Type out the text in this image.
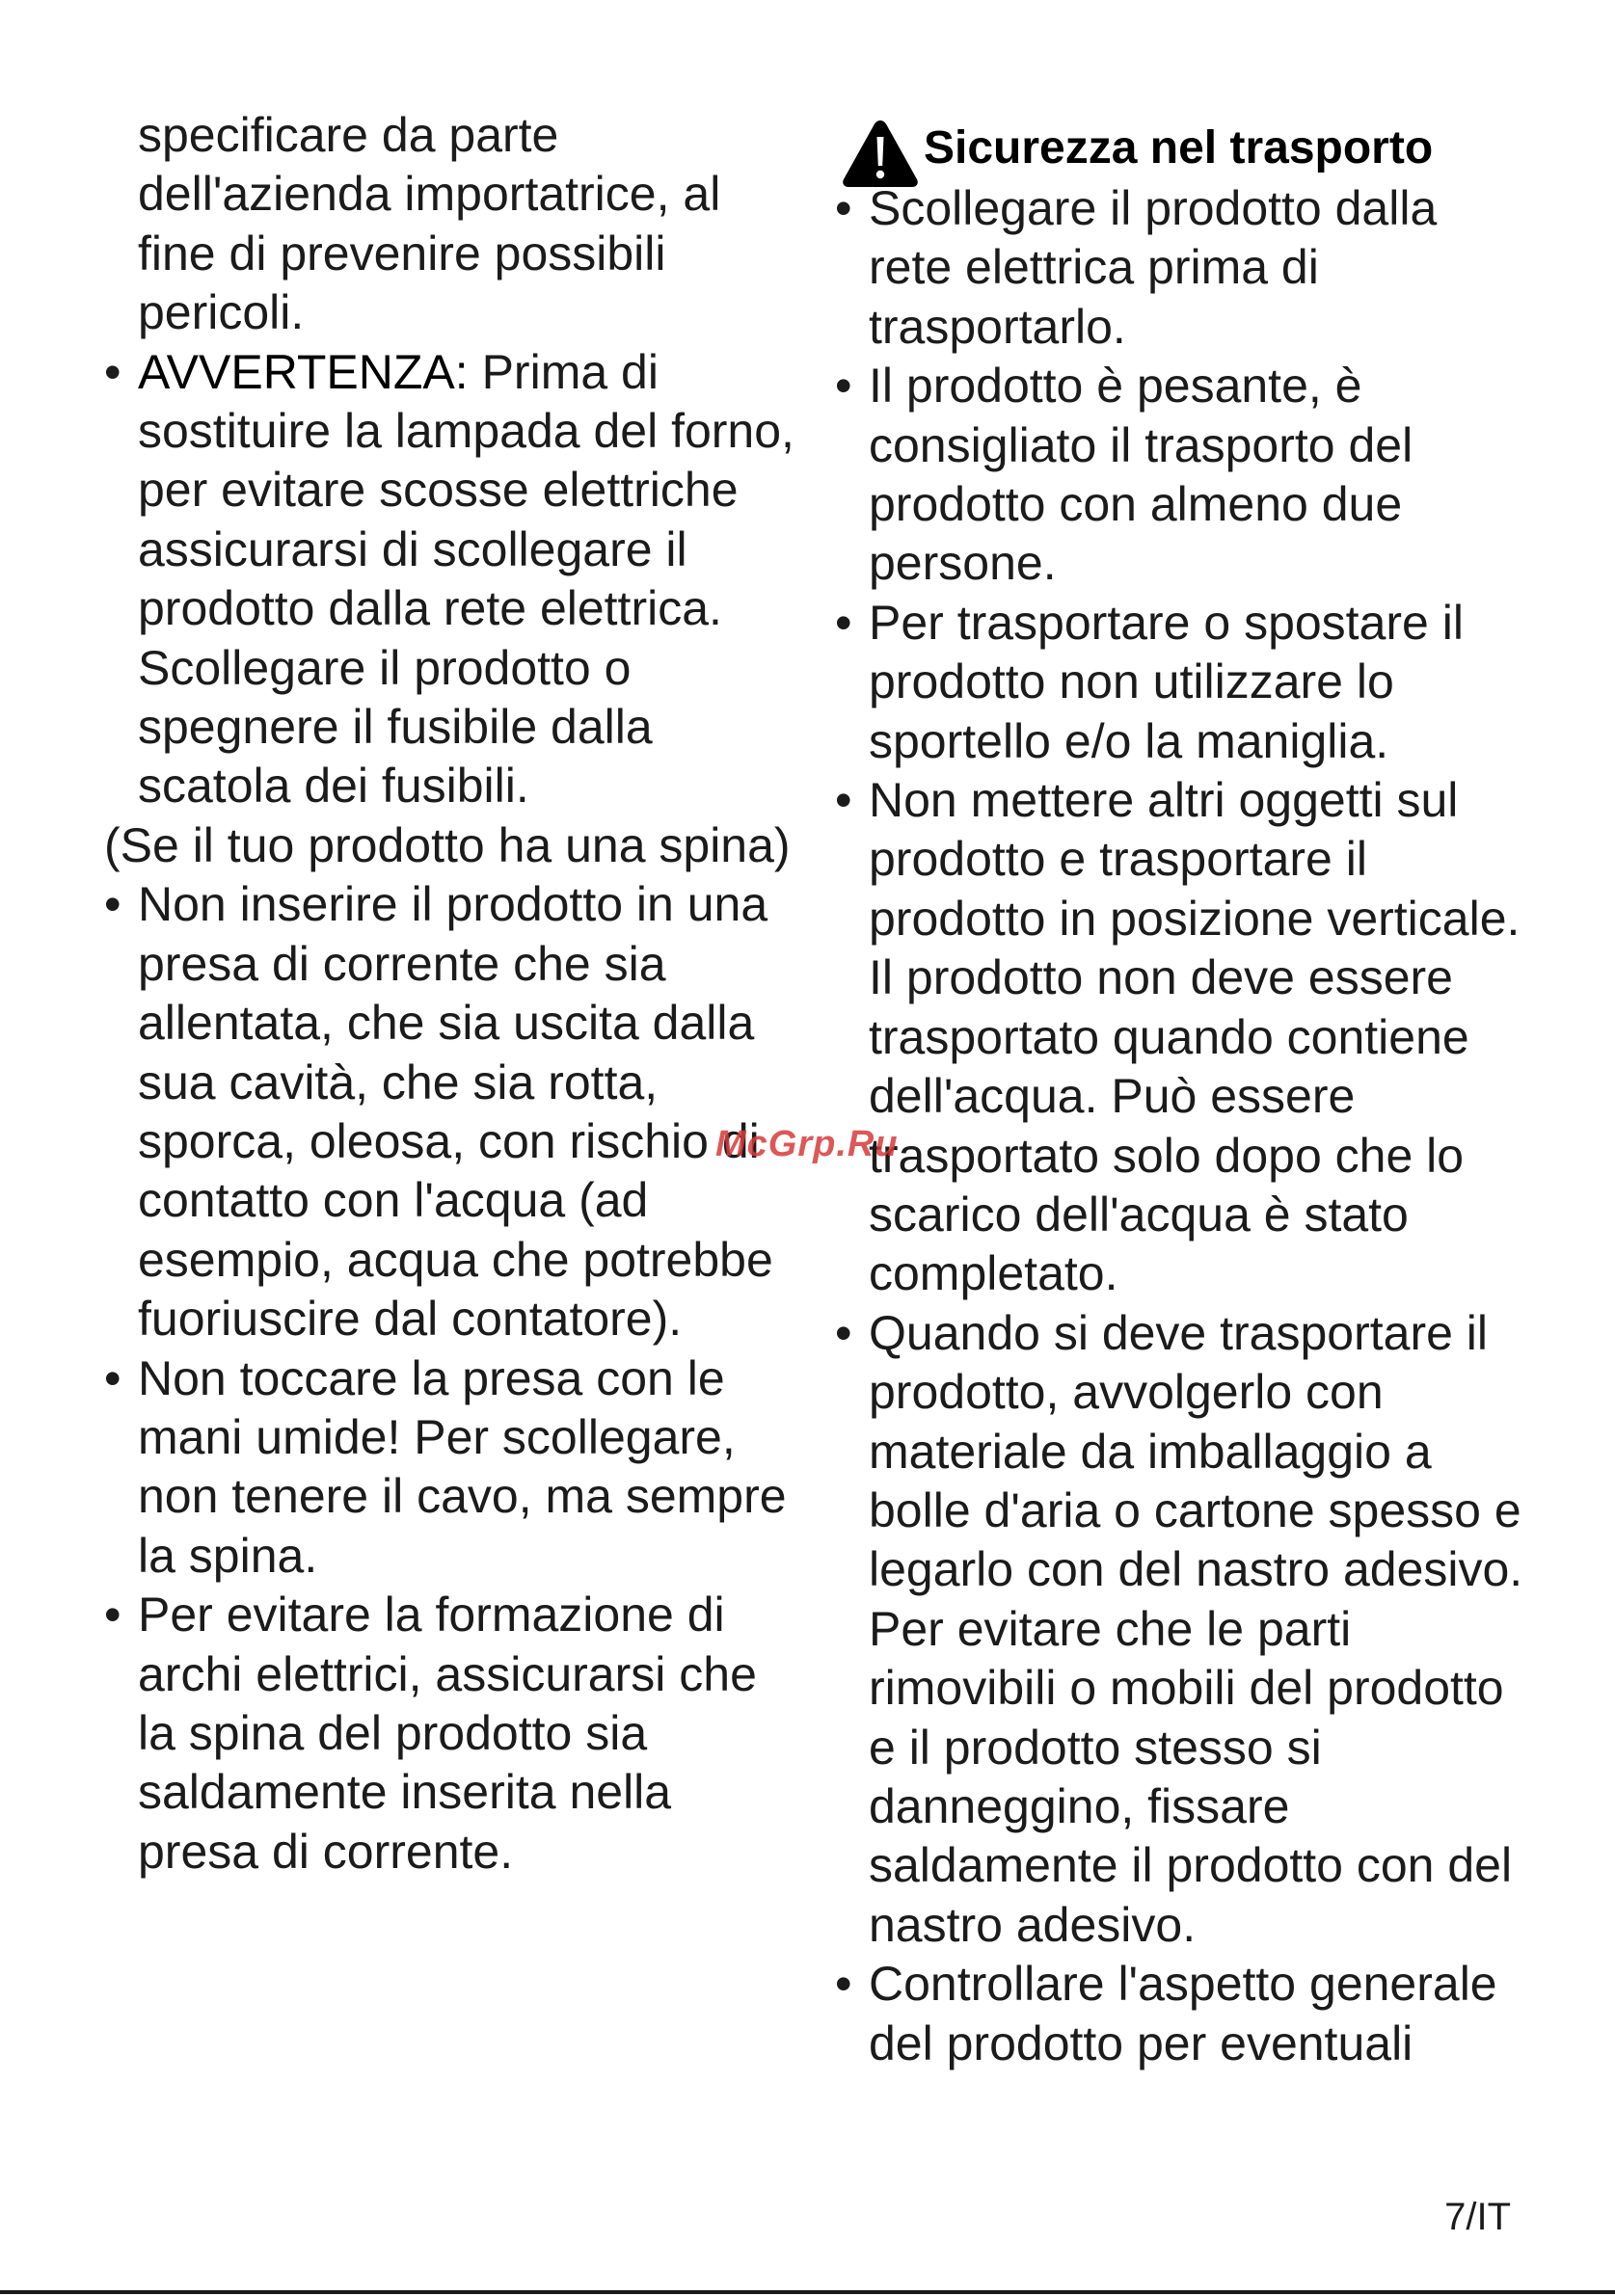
specificare da parte dell'azienda importatrice, al fine di prevenire possibili pericoli.

• AVVERTENZA: Prima di sostituire la lampada del forno, per evitare scosse elettriche assicurarsi di scollegare il prodotto dalla rete elettrica. Scollegare il prodotto o spegnere il fusibile dalla scatola dei fusibili.

(Se il tuo prodotto ha una spina)

• Non inserire il prodotto in una presa di corrente che sia allentata, che sia uscita dalla sua cavità, che sia rotta, sporca, oleosa, con rischio di contatto con l'acqua (ad esempio, acqua che potrebbe fuoriuscire dal contatore).
• Non toccare la presa con le mani umide! Per scollegare, non tenere il cavo, ma sempre la spina.
• Per evitare la formazione di archi elettrici, assicurarsi che la spina del prodotto sia saldamente inserita nella presa di corrente.
Sicurezza nel trasporto
• Scollegare il prodotto dalla rete elettrica prima di trasportarlo.
• Il prodotto è pesante, è consigliato il trasporto del prodotto con almeno due persone.
• Per trasportare o spostare il prodotto non utilizzare lo sportello e/o la maniglia.
• Non mettere altri oggetti sul prodotto e trasportare il prodotto in posizione verticale.
Il prodotto non deve essere trasportato quando contiene dell'acqua. Può essere trasportato solo dopo che lo scarico dell'acqua è stato completato.
• Quando si deve trasportare il prodotto, avvolgerlo con materiale da imballaggio a bolle d'aria o cartone spesso e legarlo con del nastro adesivo. Per evitare che le parti rimovibili o mobili del prodotto e il prodotto stesso si danneggino, fissare saldamente il prodotto con del nastro adesivo.
• Controllare l'aspetto generale del prodotto per eventuali
McGrp.Ru
7/IT
